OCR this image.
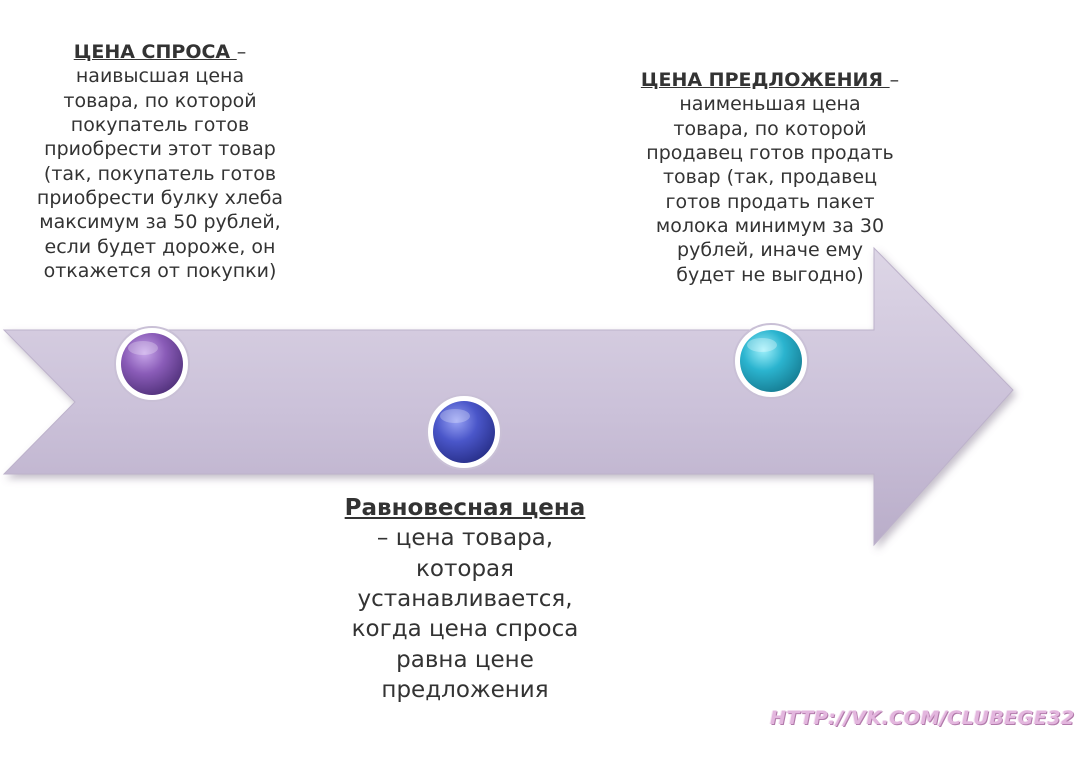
ЦЕНА СПРОСА –
наивысшая цена
товара, по которой
покупатель готов
приобрести этот товар
(так, покупатель готов
приобрести булку хлеба
максимум за 50 рублей,
если будет дороже, он
откажется от покупки)
ЦЕНА ПРЕДЛОЖЕНИЯ –
наименьшая цена
товара, по которой
продавец готов продать
товар (так, продавец
готов продать пакет
молока минимум за 30
рублей, иначе ему
будет не выгодно)
Равновесная цена
– цена товара,
которая
устанавливается,
когда цена спроса
равна цене
предложения
HTTP://VK.COM/CLUBEGE32
